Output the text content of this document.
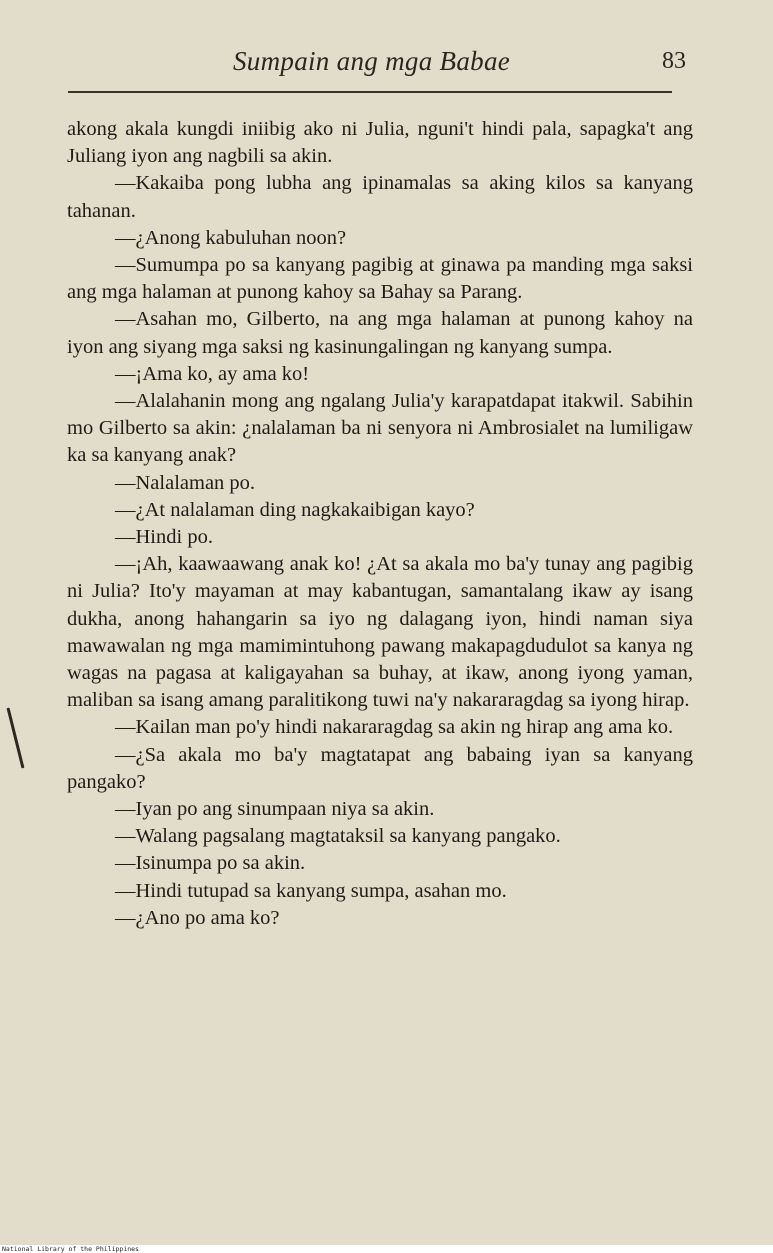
Sumpain ang mga Babae	83

akong akala kungdi iniibig ako ni Julia, nguni't hindi pala, sapagka't ang Juliang iyon ang nagbili sa akin.

—Kakaiba pong lubha ang ipinamalas sa aking kilos sa kanyang tahanan.

—¿Anong kabuluhan noon?

—Sumumpa po sa kanyang pagibig at ginawa pa manding mga saksi ang mga halaman at punong kahoy sa Bahay sa Parang.

—Asahan mo, Gilberto, na ang mga halaman at punong kahoy na iyon ang siyang mga saksi ng kasinungalingan ng kanyang sumpa.

—¡Ama ko, ay ama ko!

—Alalahanin mong ang ngalang Julia'y karapatdapat itakwil. Sabihin mo Gilberto sa akin: ¿nalalaman ba ni senyora ni Ambrosialet na lumiligaw ka sa kanyang anak?

—Nalalaman po.

—¿At nalalaman ding nagkakaibigan kayo?

—Hindi po.

—¡Ah, kaawaawang anak ko! ¿At sa akala mo ba'y tunay ang pagibig ni Julia? Ito'y mayaman at may kabantugan, samantalang ikaw ay isang dukha, anong hahangarin sa iyo ng dalagang iyon, hindi naman siya mawawalan ng mga mamimintuhong pawang makapagdudulot sa kanya ng wagas na pagasa at kaligayahan sa buhay, at ikaw, anong iyong yaman, maliban sa isang amang paralitikong tuwi na'y nakararagdag sa iyong hirap.

—Kailan man po'y hindi nakararagdag sa akin ng hirap ang ama ko.

—¿Sa akala mo ba'y magtatapat ang babaing iyan sa kanyang pangako?

—Iyan po ang sinumpaan niya sa akin.

—Walang pagsalang magtataksil sa kanyang pangako.

—Isinumpa po sa akin.

—Hindi tutupad sa kanyang sumpa, asahan mo.

—¿Ano po ama ko?

National Library of the Philippines
